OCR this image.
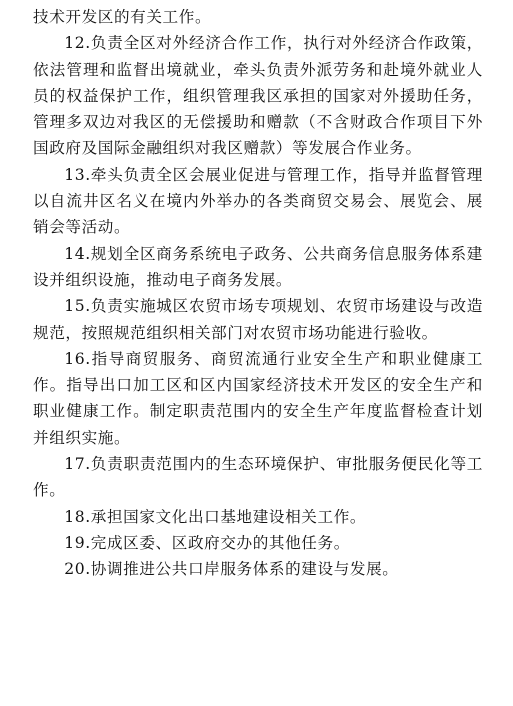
技术开发区的有关工作。

12.负责全区对外经济合作工作，执行对外经济合作政策，依法管理和监督出境就业，牵头负责外派劳务和赴境外就业人员的权益保护工作，组织管理我区承担的国家对外援助任务，管理多双边对我区的无偿援助和赠款（不含财政合作项目下外国政府及国际金融组织对我区赠款）等发展合作业务。

13.牵头负责全区会展业促进与管理工作，指导并监督管理以自流井区名义在境内外举办的各类商贸交易会、展览会、展销会等活动。

14.规划全区商务系统电子政务、公共商务信息服务体系建设并组织设施，推动电子商务发展。

15.负责实施城区农贸市场专项规划、农贸市场建设与改造规范，按照规范组织相关部门对农贸市场功能进行验收。

16.指导商贸服务、商贸流通行业安全生产和职业健康工作。指导出口加工区和区内国家经济技术开发区的安全生产和职业健康工作。制定职责范围内的安全生产年度监督检查计划并组织实施。

17.负责职责范围内的生态环境保护、审批服务便民化等工作。

18.承担国家文化出口基地建设相关工作。

19.完成区委、区政府交办的其他任务。

20.协调推进公共口岸服务体系的建设与发展。
